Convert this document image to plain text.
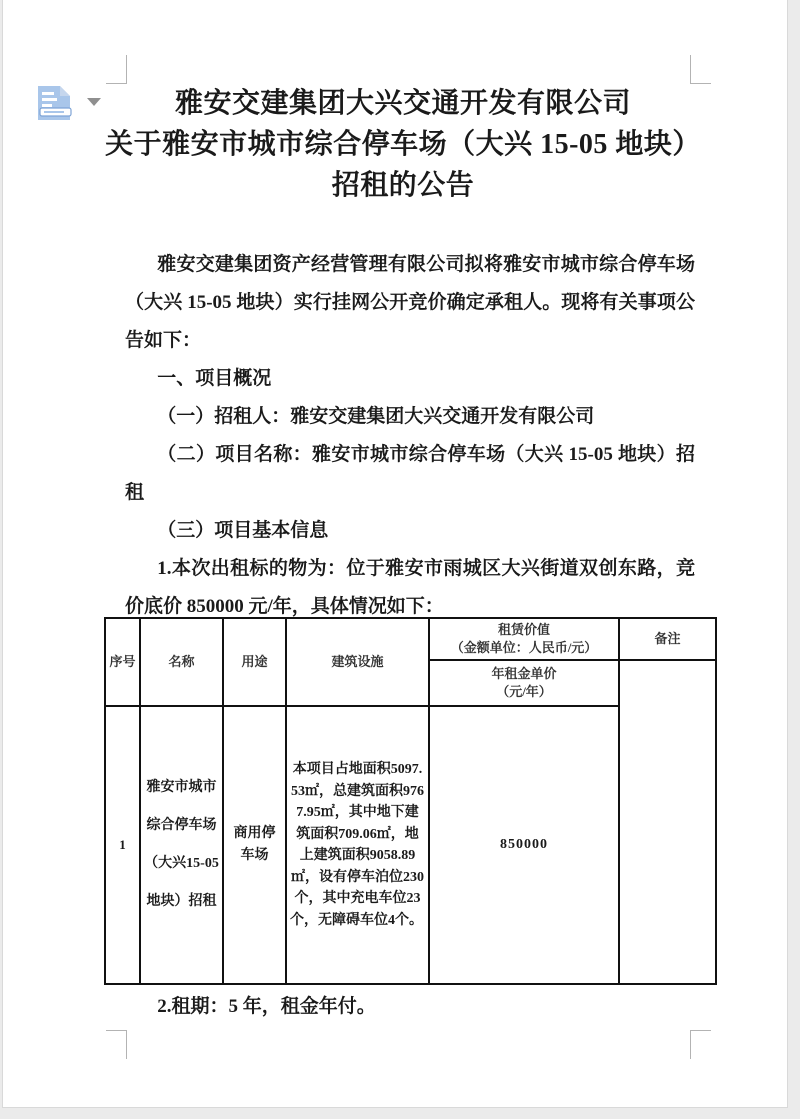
雅安交建集团大兴交通开发有限公司
关于雅安市城市综合停车场（大兴 15-05 地块）
招租的公告

雅安交建集团资产经营管理有限公司拟将雅安市城市综合停车场（大兴 15-05 地块）实行挂网公开竞价确定承租人。现将有关事项公告如下：

一、项目概况

（一）招租人：雅安交建集团大兴交通开发有限公司

（二）项目名称：雅安市城市综合停车场（大兴 15-05 地块）招租

（三）项目基本信息

1.本次出租标的物为：位于雅安市雨城区大兴街道双创东路，竞价底价 850000 元/年，具体情况如下：

序号	名称	用途	建筑设施	租赁价值
（金额单位：人民币/元）	备注

				年租金单价
（元/年）	

1	雅安市城市综合停车场（大兴15-05地块）招租	商用停车场	本项目占地面积5097.53㎡，总建筑面积9767.95㎡，其中地下建筑面积709.06㎡，地上建筑面积9058.89㎡，设有停车泊位230个，其中充电车位23个，无障碍车位4个。	850000	

2.租期：5 年，租金年付。
